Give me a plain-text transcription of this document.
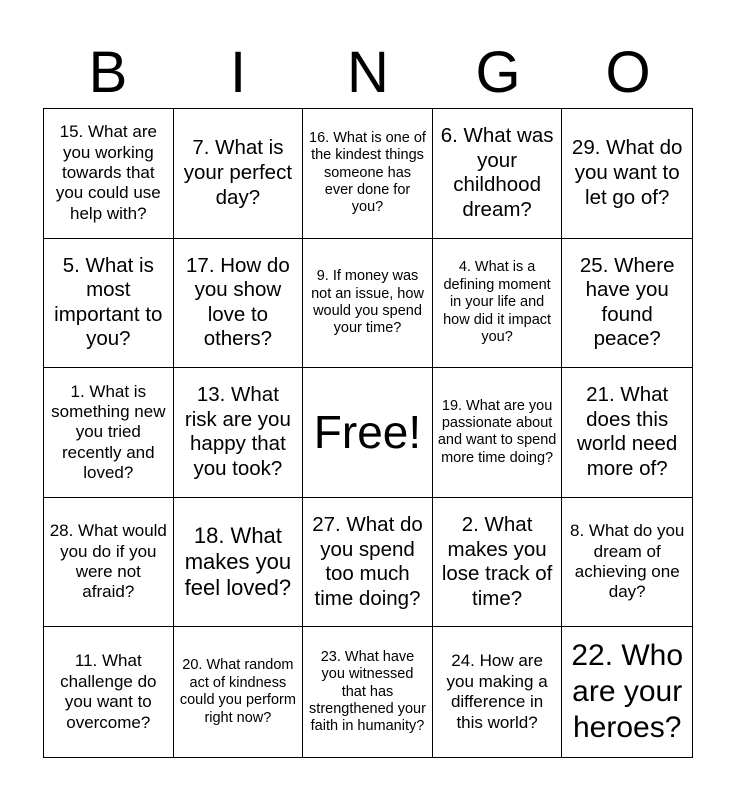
B	I	N	G	O
15. What are you working towards that you could use help with?
7. What is your perfect day?
16. What is one of the kindest things someone has ever done for you?
6. What was your childhood dream?
29. What do you want to let go of?
5. What is most important to you?
17. How do you show love to others?
9. If money was not an issue, how would you spend your time?
4. What is a defining moment in your life and how did it impact you?
25. Where have you found peace?
1. What is something new you tried recently and loved?
13. What risk are you happy that you took?
Free!
19. What are you passionate about and want to spend more time doing?
21. What does this world need more of?
28. What would you do if you were not afraid?
18. What makes you feel loved?
27. What do you spend too much time doing?
2. What makes you lose track of time?
8. What do you dream of achieving one day?
11. What challenge do you want to overcome?
20. What random act of kindness could you perform right now?
23. What have you witnessed that has strengthened your faith in humanity?
24. How are you making a difference in this world?
22. Who are your heroes?
